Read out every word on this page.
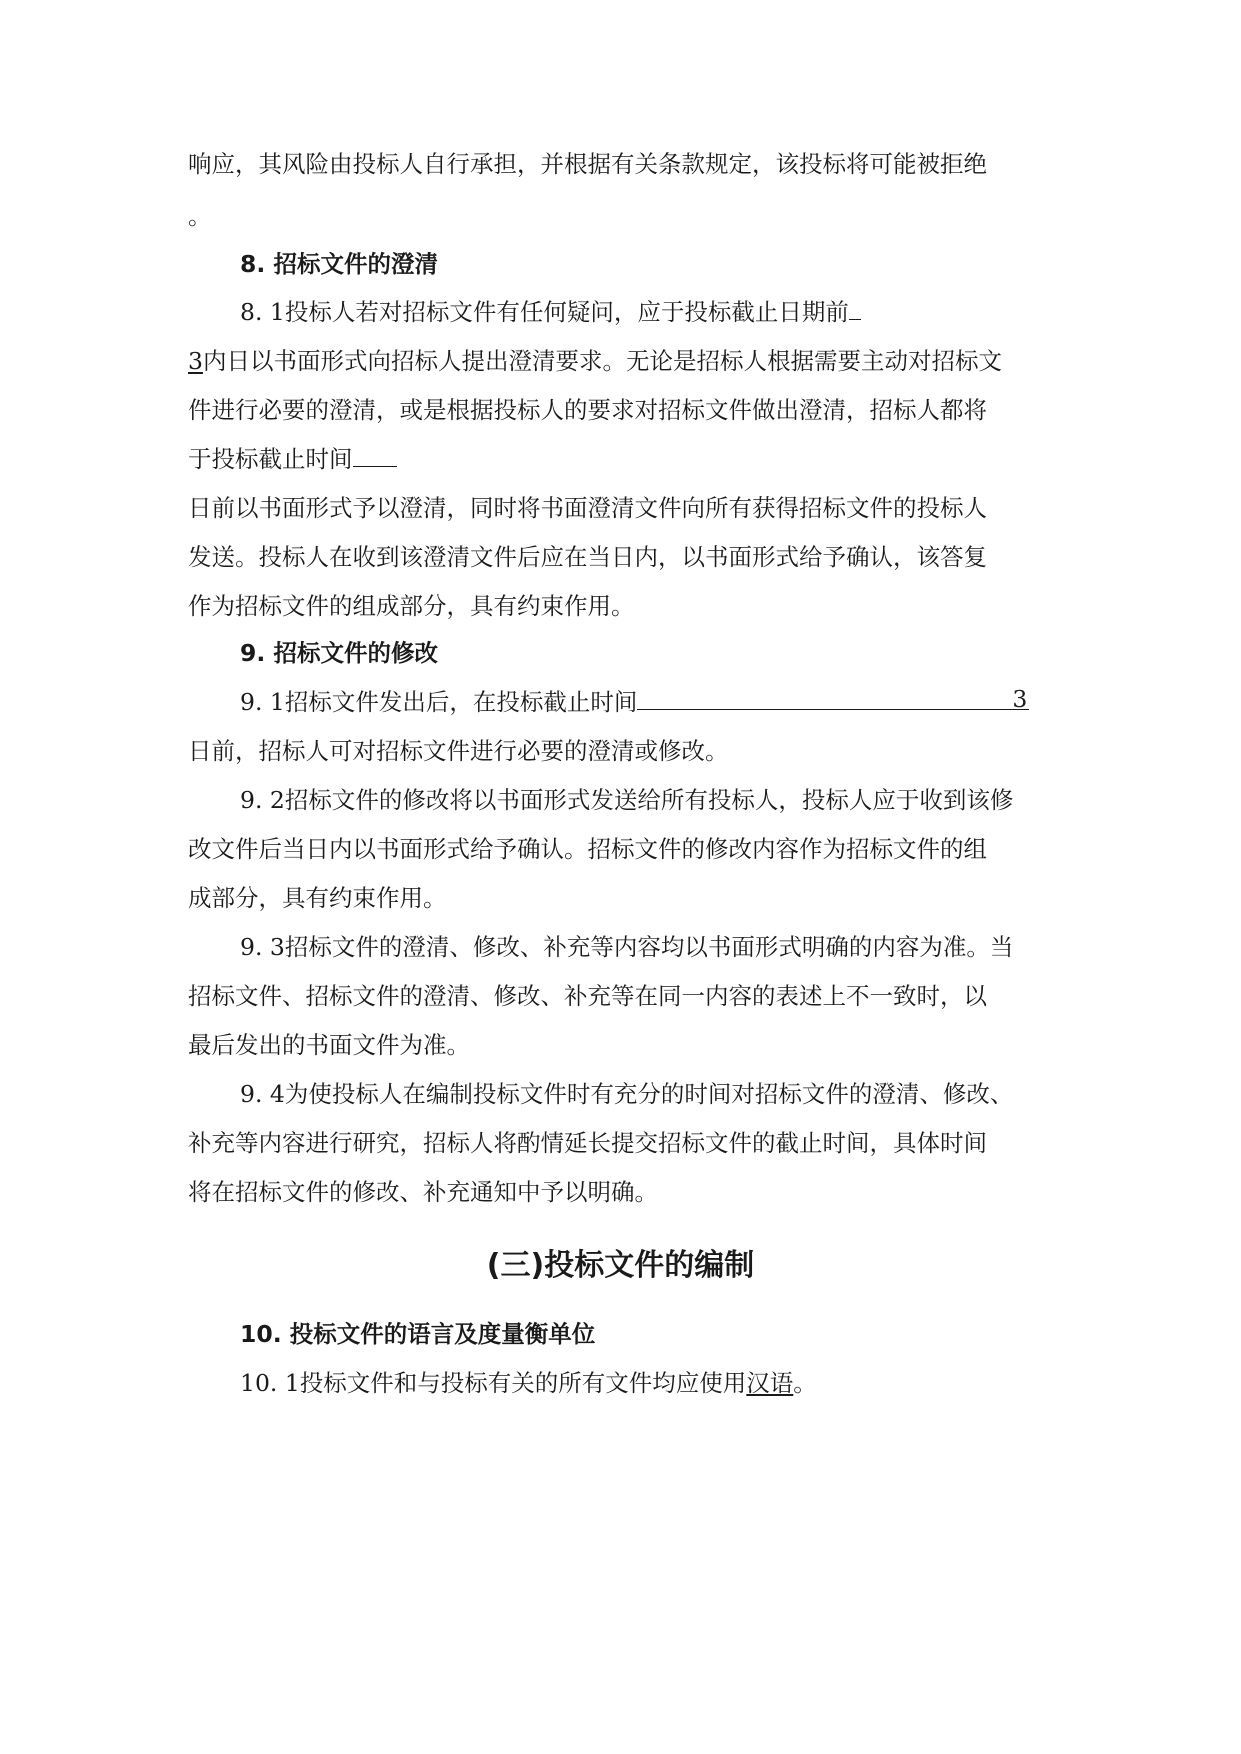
响应，其风险由投标人自行承担，并根据有关条款规定，该投标将可能被拒绝
。
8. 招标文件的澄清
8. 1投标人若对招标文件有任何疑问，应于投标截止日期前
3内日以书面形式向招标人提出澄清要求。无论是招标人根据需要主动对招标文
件进行必要的澄清，或是根据投标人的要求对招标文件做出澄清，招标人都将
于投标截止时间
日前以书面形式予以澄清，同时将书面澄清文件向所有获得招标文件的投标人
发送。投标人在收到该澄清文件后应在当日内，以书面形式给予确认，该答复
作为招标文件的组成部分，具有约束作用。
9. 招标文件的修改
9. 1招标文件发出后，在投标截止时间	3
日前，招标人可对招标文件进行必要的澄清或修改。
9. 2招标文件的修改将以书面形式发送给所有投标人，投标人应于收到该修
改文件后当日内以书面形式给予确认。招标文件的修改内容作为招标文件的组
成部分，具有约束作用。
9. 3招标文件的澄清、修改、补充等内容均以书面形式明确的内容为准。当
招标文件、招标文件的澄清、修改、补充等在同一内容的表述上不一致时，以
最后发出的书面文件为准。
9. 4为使投标人在编制投标文件时有充分的时间对招标文件的澄清、修改、
补充等内容进行研究，招标人将酌情延长提交招标文件的截止时间，具体时间
将在招标文件的修改、补充通知中予以明确。
(三)投标文件的编制
10. 投标文件的语言及度量衡单位
10. 1投标文件和与投标有关的所有文件均应使用汉语。
